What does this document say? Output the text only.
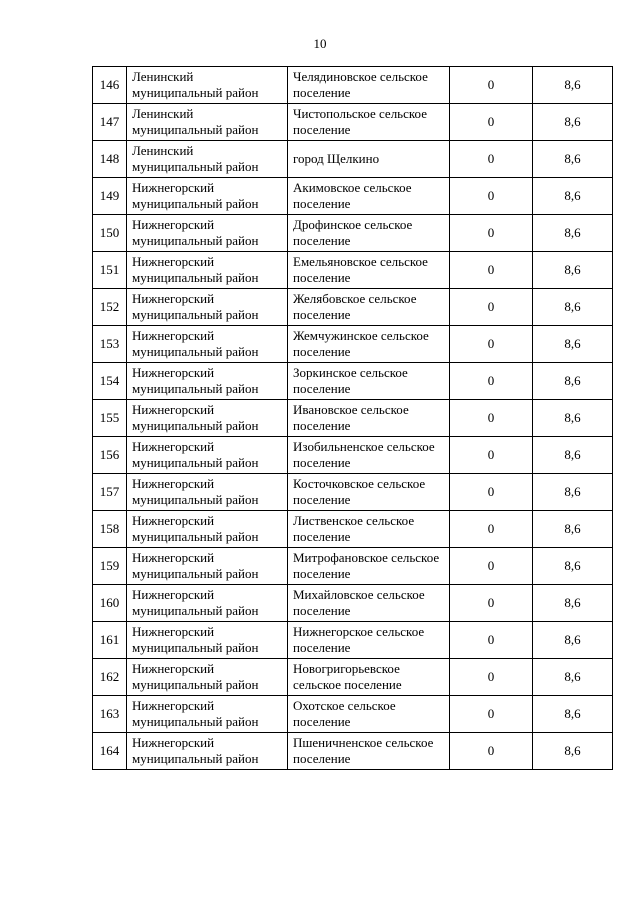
10
146	Ленинский муниципальный район	Челядиновское сельское поселение	0	8,6
147	Ленинский муниципальный район	Чистопольское сельское поселение	0	8,6
148	Ленинский муниципальный район	город Щелкино	0	8,6
149	Нижнегорский муниципальный район	Акимовское сельское поселение	0	8,6
150	Нижнегорский муниципальный район	Дрофинское сельское поселение	0	8,6
151	Нижнегорский муниципальный район	Емельяновское сельское поселение	0	8,6
152	Нижнегорский муниципальный район	Желябовское сельское поселение	0	8,6
153	Нижнегорский муниципальный район	Жемчужинское сельское поселение	0	8,6
154	Нижнегорский муниципальный район	Зоркинское сельское поселение	0	8,6
155	Нижнегорский муниципальный район	Ивановское сельское поселение	0	8,6
156	Нижнегорский муниципальный район	Изобильненское сельское поселение	0	8,6
157	Нижнегорский муниципальный район	Косточковское сельское поселение	0	8,6
158	Нижнегорский муниципальный район	Лиственское сельское поселение	0	8,6
159	Нижнегорский муниципальный район	Митрофановское сельское поселение	0	8,6
160	Нижнегорский муниципальный район	Михайловское сельское поселение	0	8,6
161	Нижнегорский муниципальный район	Нижнегорское сельское поселение	0	8,6
162	Нижнегорский муниципальный район	Новогригорьевское сельское поселение	0	8,6
163	Нижнегорский муниципальный район	Охотское сельское поселение	0	8,6
164	Нижнегорский муниципальный район	Пшеничненское сельское поселение	0	8,6
